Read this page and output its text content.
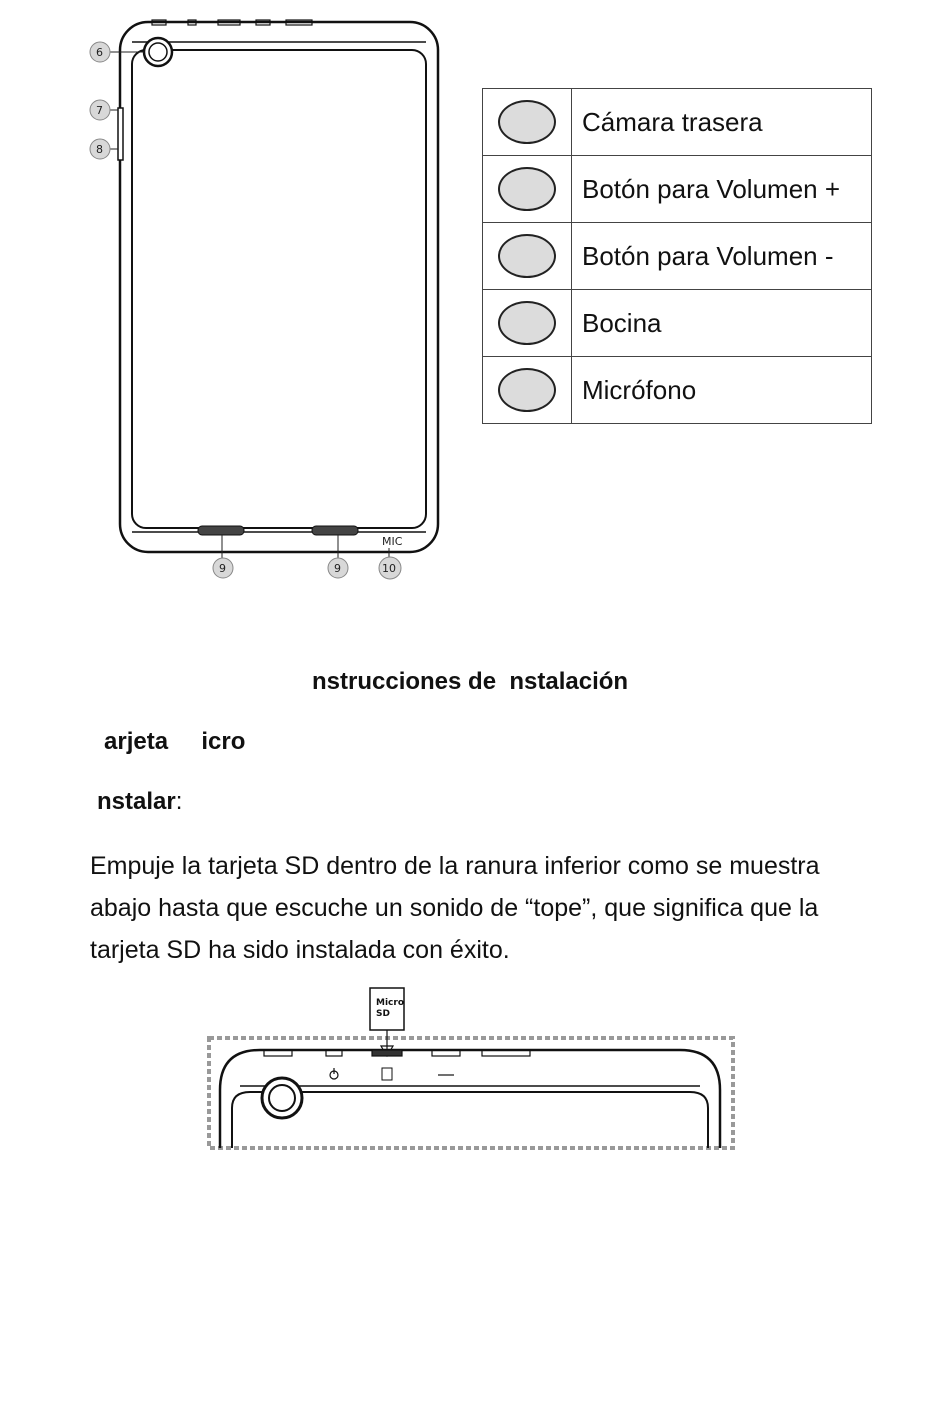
MIC
6
7
8
9	9	10
	Cámara trasera
	Botón para Volumen +
	Botón para Volumen -
	Bocina
	Micrófono
nstrucciones de  nstalación
arjeta     icro
nstalar:

Empuje la tarjeta SD dentro de la ranura inferior como se muestra abajo hasta que escuche un sonido de “tope”, que significa que la tarjeta SD ha sido instalada con éxito.

Micro
SD
